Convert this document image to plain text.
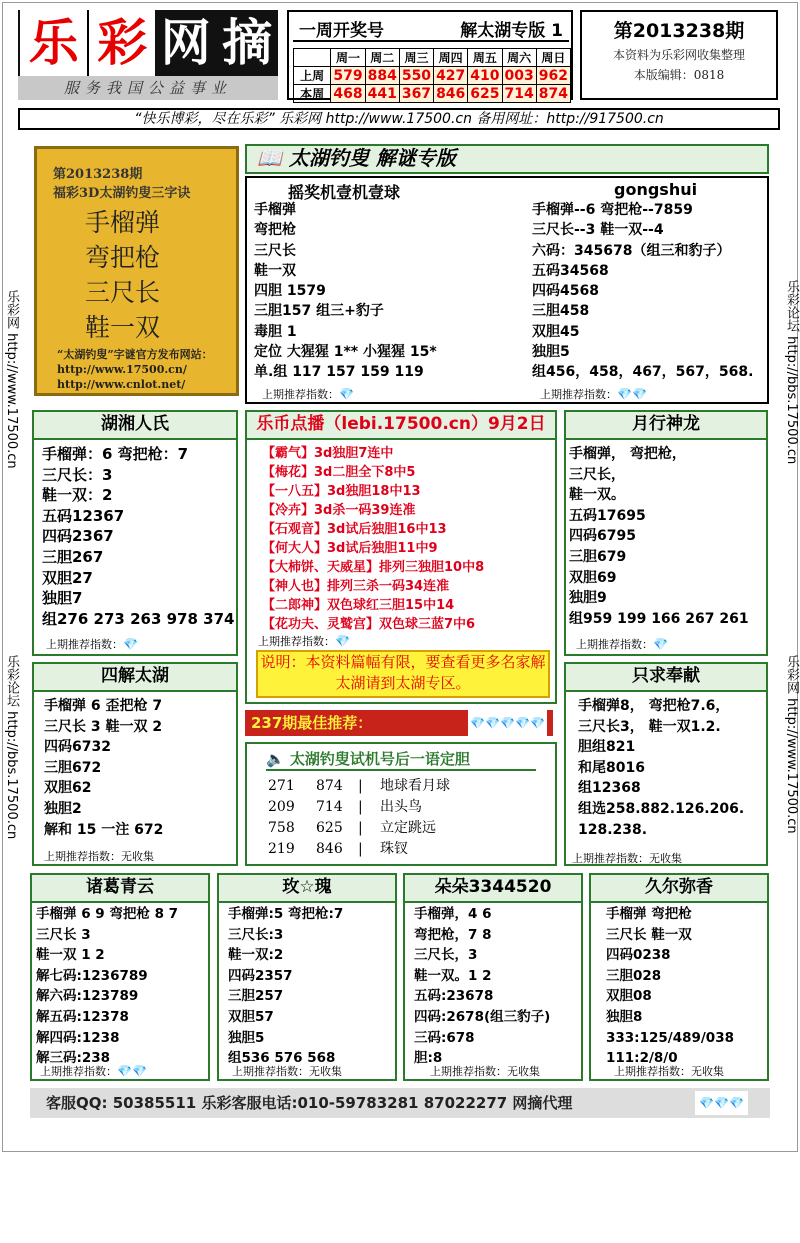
乐 彩 网 摘
服务我国公益事业
一周开奖号	解太湖专版 1
	周一	周二	周三	周四	周五	周六	周日
上周	579	884	550	427	410	003	962
本周	468	441	367	846	625	714	874
第2013238期
本资料为乐彩网收集整理
本版编辑：0818
“快乐博彩，尽在乐彩” 乐彩网 http://www.17500.cn 备用网址：http://917500.cn
乐彩网 http://www.17500.cn
乐彩论坛 http://bbs.17500.cn
乐彩论坛 http://bbs.17500.cn
乐彩网 http://www.17500.cn
第2013238期
福彩3D太湖钓叟三字诀
手榴弹
弯把枪
三尺长
鞋一双
“太湖钓叟”字谜官方发布网站：
http://www.17500.cn/
http://www.cnlot.net/
📖 太湖钓叟 解谜专版
摇奖机壹机壹球
手榴弹
弯把枪
三尺长
鞋一双
四胆 1579
三胆157 组三+豹子
毒胆 1
定位 大猩猩 1** 小猩猩 15*
单.组 117 157 159 119
上期推荐指数：💎
gongshui
手榴弹--6 弯把枪--7859
三尺长--3 鞋一双--4
六码：345678（组三和豹子）
五码34568
四码4568
三胆458
双胆45
独胆5
组456，458，467，567，568.
上期推荐指数：💎💎
湖湘人氏
手榴弹：6 弯把枪：7
三尺长：3
鞋一双：2
五码12367
四码2367
三胆267
双胆27
独胆7
组276 273 263 978 374
上期推荐指数：💎
乐币点播（lebi.17500.cn）9月2日
【霸气】3d独胆7连中
【梅花】3d二胆全下8中5
【一八五】3d独胆18中13
【冷卉】3d杀一码39连准
【石观音】3d试后独胆16中13
【何大人】3d试后独胆11中9
【大柿饼、天威星】排列三独胆10中8
【神人也】排列三杀一码34连准
【二郎神】双色球红三胆15中14
【花功夫、灵鹫宫】双色球三蓝7中6
上期推荐指数：💎
说明：本资料篇幅有限，要查看更多名家解太湖请到太湖专区。
月行神龙
手榴弹， 弯把枪，
三尺长，
鞋一双。
五码17695
四码6795
三胆679
双胆69
独胆9
组959 199 166 267 261
上期推荐指数：💎
四解太湖
手榴弹 6 歪把枪 7
三尺长 3 鞋一双 2
四码6732
三胆672
双胆62
独胆2
解和 15 一注 672
上期推荐指数：无收集
237期最佳推荐：	💎💎💎💎💎
🔈 太湖钓叟试机号后一语定胆
271	874	|	地球看月球
209	714	|	出头鸟
758	625	|	立定跳远
219	846	|	珠钗
只求奉献
手榴弹8， 弯把枪7.6，
三尺长3， 鞋一双1.2.
胆组821
和尾8016
组12368
组选258.882.126.206.
128.238.
上期推荐指数：无收集
诸葛青云
手榴弹 6 9 弯把枪 8 7
三尺长 3
鞋一双 1 2
解七码:1236789
解六码:123789
解五码:12378
解四码:1238
解三码:238
上期推荐指数：💎💎
玫☆瑰
手榴弹:5 弯把枪:7
三尺长:3
鞋一双:2
四码2357
三胆257
双胆57
独胆5
组536 576 568
上期推荐指数：无收集
朵朵3344520
手榴弹，4 6
弯把枪，7 8
三尺长，3
鞋一双。1 2
五码:23678
四码:2678(组三豹子)
三码:678
胆:8
上期推荐指数：无收集
久尔弥香
手榴弹 弯把枪
三尺长 鞋一双
四码0238
三胆028
双胆08
独胆8
333:125/489/038
111:2/8/0
上期推荐指数：无收集
客服QQ: 50385511 乐彩客服电话:010-59783281 87022277 网摘代理	💎💎💎
